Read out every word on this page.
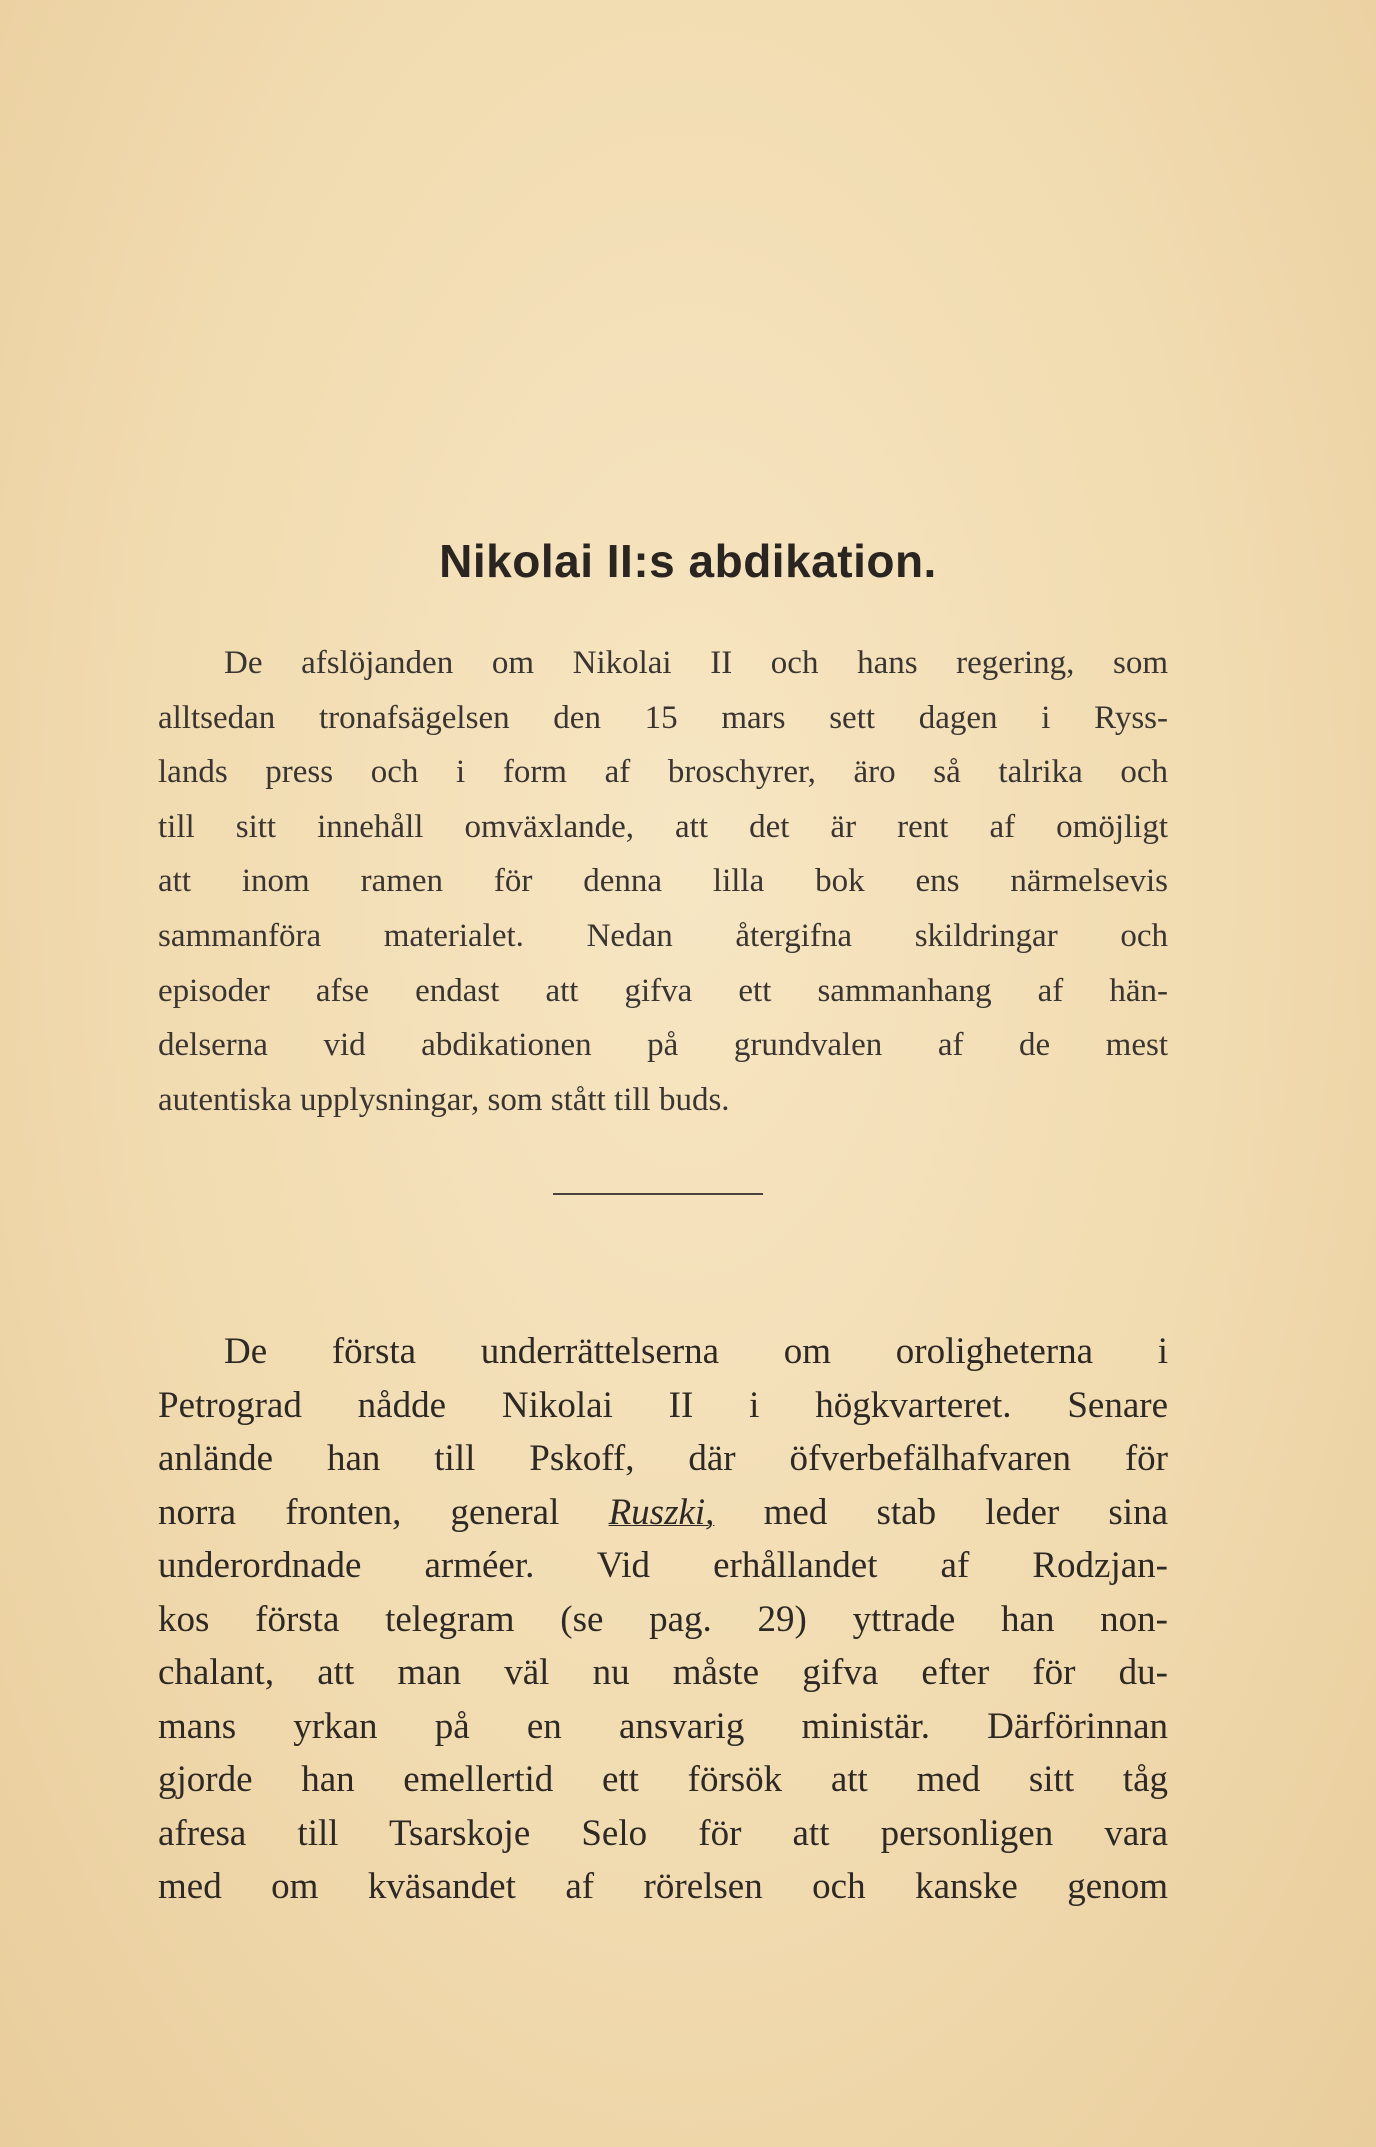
Nikolai II:s abdikation.
De afslöjanden om Nikolai II och hans regering, som
alltsedan tronafsägelsen den 15 mars sett dagen i Ryss-
lands press och i form af broschyrer, äro så talrika och
till sitt innehåll omväxlande, att det är rent af omöjligt
att inom ramen för denna lilla bok ens närmelsevis
sammanföra materialet. Nedan återgifna skildringar och
episoder afse endast att gifva ett sammanhang af hän-
delserna vid abdikationen på grundvalen af de mest
autentiska upplysningar, som stått till buds.
De första underrättelserna om oroligheterna i
Petrograd nådde Nikolai II i högkvarteret. Senare
anlände han till Pskoff, där öfverbefälhafvaren för
norra fronten, general Ruszki, med stab leder sina
underordnade arméer. Vid erhållandet af Rodzjan-
kos första telegram (se pag. 29) yttrade han non-
chalant, att man väl nu måste gifva efter för du-
mans yrkan på en ansvarig ministär. Därförinnan
gjorde han emellertid ett försök att med sitt tåg
afresa till Tsarskoje Selo för att personligen vara
med om kväsandet af rörelsen och kanske genom
